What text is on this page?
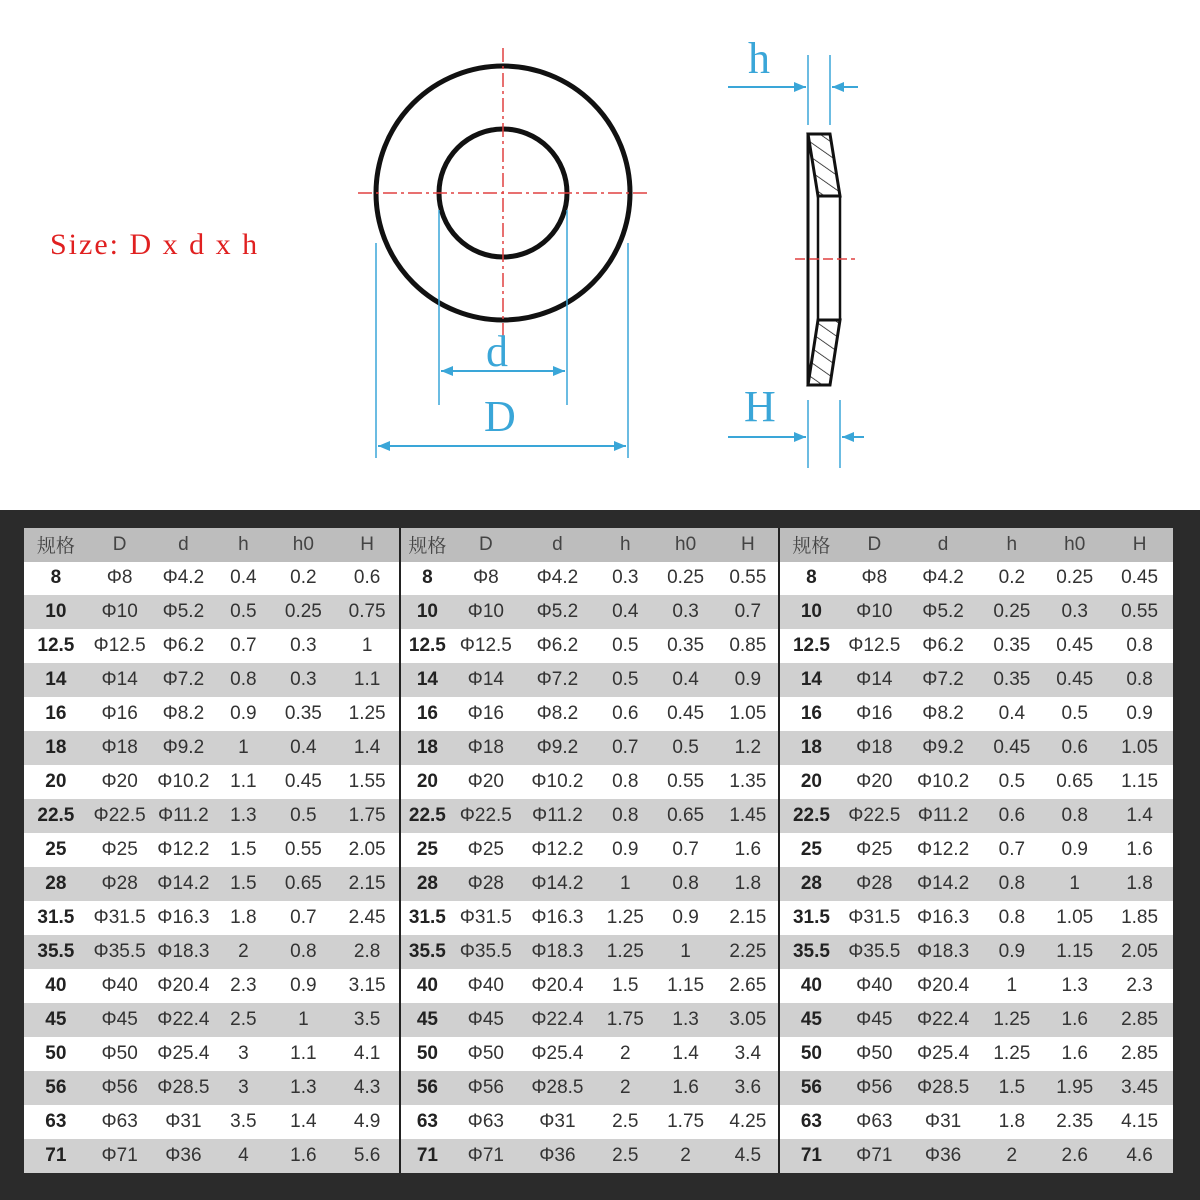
Size: D x d x h
d
D
h
H
规格	D	d	h	h0	H
8	Φ8	Φ4.2	0.4	0.2	0.6
10	Φ10	Φ5.2	0.5	0.25	0.75
12.5	Φ12.5	Φ6.2	0.7	0.3	1
14	Φ14	Φ7.2	0.8	0.3	1.1
16	Φ16	Φ8.2	0.9	0.35	1.25
18	Φ18	Φ9.2	1	0.4	1.4
20	Φ20	Φ10.2	1.1	0.45	1.55
22.5	Φ22.5	Φ11.2	1.3	0.5	1.75
25	Φ25	Φ12.2	1.5	0.55	2.05
28	Φ28	Φ14.2	1.5	0.65	2.15
31.5	Φ31.5	Φ16.3	1.8	0.7	2.45
35.5	Φ35.5	Φ18.3	2	0.8	2.8
40	Φ40	Φ20.4	2.3	0.9	3.15
45	Φ45	Φ22.4	2.5	1	3.5
50	Φ50	Φ25.4	3	1.1	4.1
56	Φ56	Φ28.5	3	1.3	4.3
63	Φ63	Φ31	3.5	1.4	4.9
71	Φ71	Φ36	4	1.6	5.6
规格	D	d	h	h0	H
8	Φ8	Φ4.2	0.3	0.25	0.55
10	Φ10	Φ5.2	0.4	0.3	0.7
12.5	Φ12.5	Φ6.2	0.5	0.35	0.85
14	Φ14	Φ7.2	0.5	0.4	0.9
16	Φ16	Φ8.2	0.6	0.45	1.05
18	Φ18	Φ9.2	0.7	0.5	1.2
20	Φ20	Φ10.2	0.8	0.55	1.35
22.5	Φ22.5	Φ11.2	0.8	0.65	1.45
25	Φ25	Φ12.2	0.9	0.7	1.6
28	Φ28	Φ14.2	1	0.8	1.8
31.5	Φ31.5	Φ16.3	1.25	0.9	2.15
35.5	Φ35.5	Φ18.3	1.25	1	2.25
40	Φ40	Φ20.4	1.5	1.15	2.65
45	Φ45	Φ22.4	1.75	1.3	3.05
50	Φ50	Φ25.4	2	1.4	3.4
56	Φ56	Φ28.5	2	1.6	3.6
63	Φ63	Φ31	2.5	1.75	4.25
71	Φ71	Φ36	2.5	2	4.5
规格	D	d	h	h0	H
8	Φ8	Φ4.2	0.2	0.25	0.45
10	Φ10	Φ5.2	0.25	0.3	0.55
12.5	Φ12.5	Φ6.2	0.35	0.45	0.8
14	Φ14	Φ7.2	0.35	0.45	0.8
16	Φ16	Φ8.2	0.4	0.5	0.9
18	Φ18	Φ9.2	0.45	0.6	1.05
20	Φ20	Φ10.2	0.5	0.65	1.15
22.5	Φ22.5	Φ11.2	0.6	0.8	1.4
25	Φ25	Φ12.2	0.7	0.9	1.6
28	Φ28	Φ14.2	0.8	1	1.8
31.5	Φ31.5	Φ16.3	0.8	1.05	1.85
35.5	Φ35.5	Φ18.3	0.9	1.15	2.05
40	Φ40	Φ20.4	1	1.3	2.3
45	Φ45	Φ22.4	1.25	1.6	2.85
50	Φ50	Φ25.4	1.25	1.6	2.85
56	Φ56	Φ28.5	1.5	1.95	3.45
63	Φ63	Φ31	1.8	2.35	4.15
71	Φ71	Φ36	2	2.6	4.6
